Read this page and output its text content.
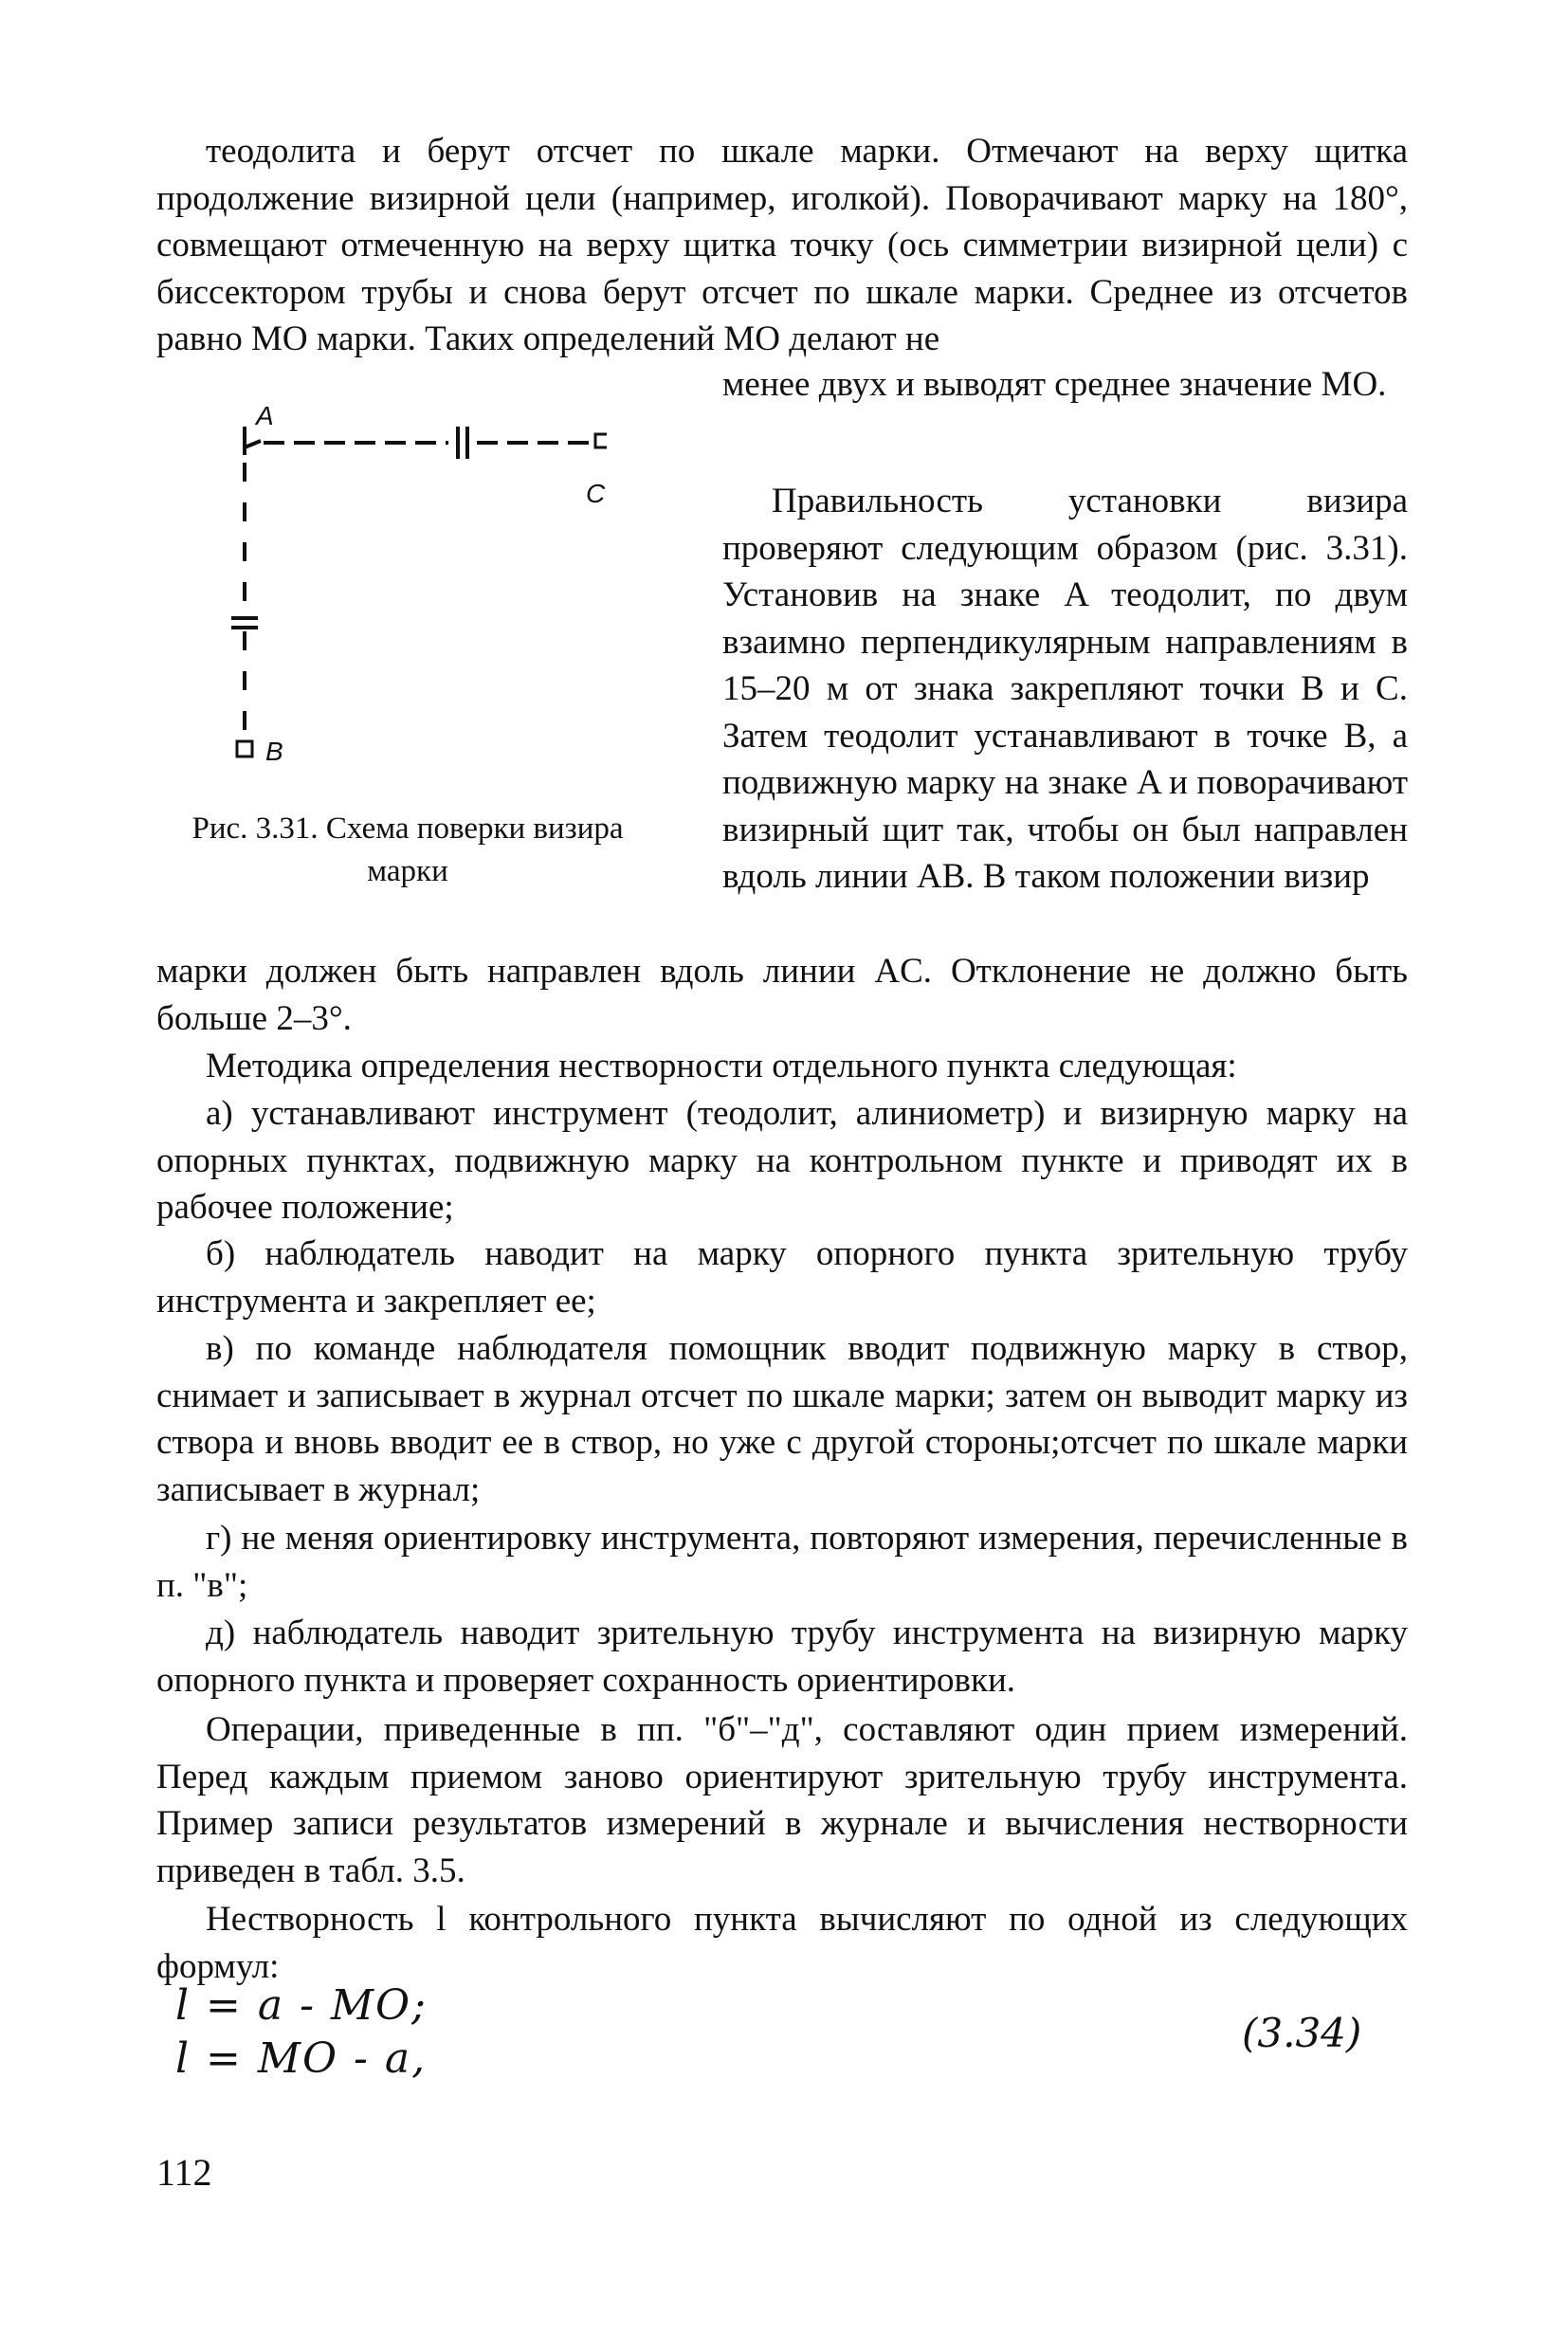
теодолита и берут отсчет по шкале марки. Отмечают на верху щитка продолжение визирной цели (например, иголкой). Поворачивают марку на 180°, совмещают отмеченную на верху щитка точку (ось симметрии визирной цели) с биссектором трубы и снова берут отсчет по шкале марки. Среднее из отсчетов равно МО марки. Таких определений МО делают не

менее двух и выводят среднее значение МО.

A
C
B
Рис. 3.31. Схема поверки визира марки

Правильность установки визира проверяют следующим образом (рис. 3.31). Установив на знаке A теодолит, по двум взаимно перпендикулярным направлениям в 15–20 м от знака закрепляют точки B и C. Затем теодолит устанавливают в точке B, а подвижную марку на знаке A и поворачивают визирный щит так, чтобы он был направлен вдоль линии AB. В таком положении визир

марки должен быть направлен вдоль линии AC. Отклонение не должно быть больше 2–3°.

Методика определения нестворности отдельного пункта следующая:

а) устанавливают инструмент (теодолит, алиниометр) и визирную марку на опорных пунктах, подвижную марку на контрольном пункте и приводят их в рабочее положение;

б) наблюдатель наводит на марку опорного пункта зрительную трубу инструмента и закрепляет ее;

в) по команде наблюдателя помощник вводит подвижную марку в створ, снимает и записывает в журнал отсчет по шкале марки; затем он выводит марку из створа и вновь вводит ее в створ, но уже с другой стороны;отсчет по шкале марки записывает в журнал;

г) не меняя ориентировку инструмента, повторяют измерения, перечисленные в п. "в";

д) наблюдатель наводит зрительную трубу инструмента на визирную марку опорного пункта и проверяет сохранность ориентировки.

Операции, приведенные в пп. "б"–"д", составляют один прием измерений. Перед каждым приемом заново ориентируют зрительную трубу инструмента. Пример записи результатов измерений в журнале и вычисления нестворности приведен в табл. 3.5.

Нестворность l контрольного пункта вычисляют по одной из следующих формул:

l = a - MO;
l = MO - a,
(3.34)
112
